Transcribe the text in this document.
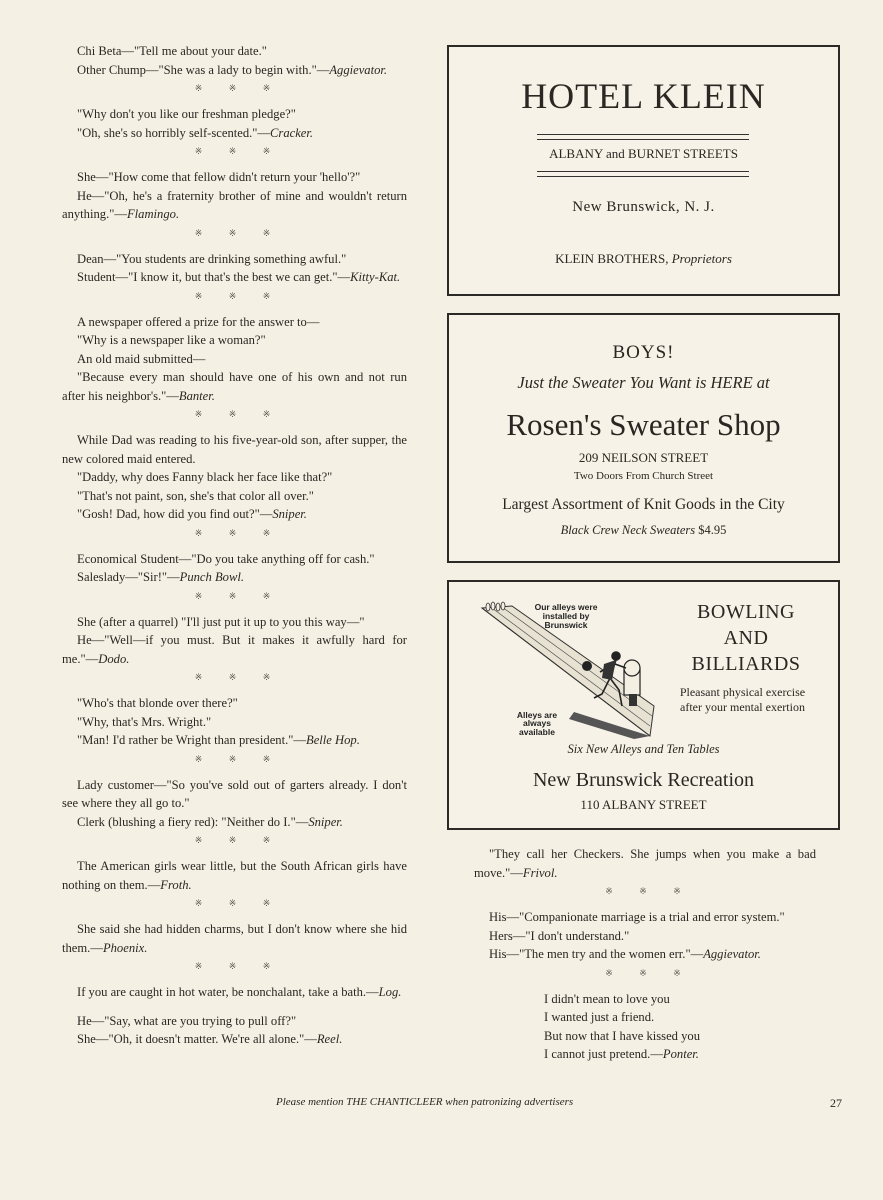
Chi Beta—"Tell me about your date."

Other Chump—"She was a lady to begin with."—Aggievator.

※ ※ ※

"Why don't you like our freshman pledge?"

"Oh, she's so horribly self-scented."—Cracker.

※ ※ ※

She—"How come that fellow didn't return your 'hello'?"

He—"Oh, he's a fraternity brother of mine and wouldn't return anything."—Flamingo.

※ ※ ※

Dean—"You students are drinking something awful."

Student—"I know it, but that's the best we can get."—Kitty-Kat.

※ ※ ※

A newspaper offered a prize for the answer to—

"Why is a newspaper like a woman?"

An old maid submitted—

"Because every man should have one of his own and not run after his neighbor's."—Banter.

※ ※ ※

While Dad was reading to his five-year-old son, after supper, the new colored maid entered.

"Daddy, why does Fanny black her face like that?"

"That's not paint, son, she's that color all over."

"Gosh! Dad, how did you find out?"—Sniper.

※ ※ ※

Economical Student—"Do you take anything off for cash."

Saleslady—"Sir!"—Punch Bowl.

※ ※ ※

She (after a quarrel) "I'll just put it up to you this way—"

He—"Well—if you must. But it makes it awfully hard for me."—Dodo.

※ ※ ※

"Who's that blonde over there?"

"Why, that's Mrs. Wright."

"Man! I'd rather be Wright than president."—Belle Hop.

※ ※ ※

Lady customer—"So you've sold out of garters already. I don't see where they all go to."

Clerk (blushing a fiery red): "Neither do I."—Sniper.

※ ※ ※

The American girls wear little, but the South African girls have nothing on them.—Froth.

※ ※ ※

She said she had hidden charms, but I don't know where she hid them.—Phoenix.

※ ※ ※

If you are caught in hot water, be nonchalant, take a bath.—Log.

He—"Say, what are you trying to pull off?"

She—"Oh, it doesn't matter. We're all alone."—Reel.

HOTEL KLEIN
ALBANY and BURNET STREETS
New Brunswick, N. J.
KLEIN BROTHERS, Proprietors
BOYS!
Just the Sweater You Want is HERE at
Rosen's Sweater Shop
209 NEILSON STREET
Two Doors From Church Street
Largest Assortment of Knit Goods in the City
Black Crew Neck Sweaters $4.95
Our alleys were
installed by
Brunswick
Alleys are
always
available
BOWLING
AND
BILLIARDS
Pleasant physical exercise after your mental exertion
Six New Alleys and Ten Tables
New Brunswick Recreation
110 ALBANY STREET

"They call her Checkers. She jumps when you make a bad move."—Frivol.

※ ※ ※

His—"Companionate marriage is a trial and error system."

Hers—"I don't understand."

His—"The men try and the women err."—Aggievator.

※ ※ ※

I didn't mean to love you

I wanted just a friend.

But now that I have kissed you

I cannot just pretend.—Ponter.

Please mention THE CHANTICLEER when patronizing advertisers	27
